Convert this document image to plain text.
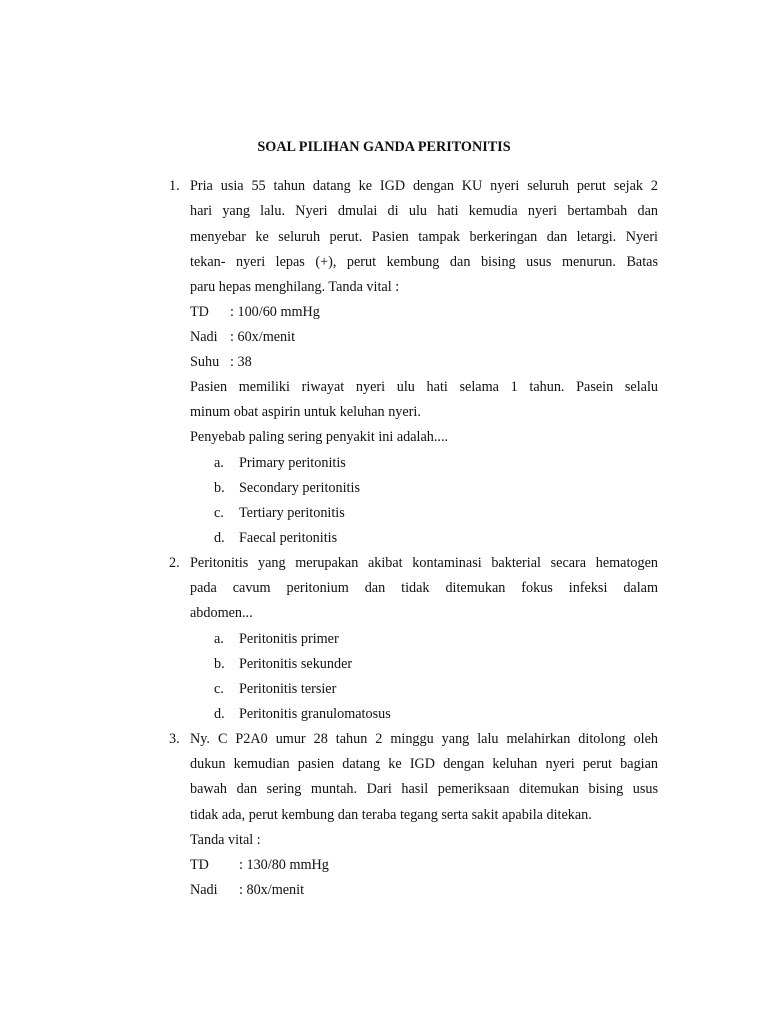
SOAL PILIHAN GANDA PERITONITIS
1. Pria usia 55 tahun datang ke IGD dengan KU nyeri seluruh perut sejak 2
hari yang lalu. Nyeri dmulai di ulu hati kemudia nyeri bertambah dan
menyebar ke seluruh perut. Pasien tampak berkeringan dan letargi. Nyeri
tekan- nyeri lepas (+), perut kembung dan bising usus menurun. Batas
paru hepas menghilang. Tanda vital :
TD : 100/60 mmHg
Nadi : 60x/menit
Suhu : 38
Pasien memiliki riwayat nyeri ulu hati selama 1 tahun. Pasein selalu
minum obat aspirin untuk keluhan nyeri.
Penyebab paling sering penyakit ini adalah....
a. Primary peritonitis
b. Secondary peritonitis
c. Tertiary peritonitis
d. Faecal peritonitis
2. Peritonitis yang merupakan akibat kontaminasi bakterial secara hematogen
pada cavum peritonium dan tidak ditemukan fokus infeksi dalam
abdomen...
a. Peritonitis primer
b. Peritonitis sekunder
c. Peritonitis tersier
d. Peritonitis granulomatosus
3. Ny. C P2A0 umur 28 tahun 2 minggu yang lalu melahirkan ditolong oleh
dukun kemudian pasien datang ke IGD dengan keluhan nyeri perut bagian
bawah dan sering muntah. Dari hasil pemeriksaan ditemukan bising usus
tidak ada, perut kembung dan teraba tegang serta sakit apabila ditekan.
Tanda vital :
TD : 130/80 mmHg
Nadi : 80x/menit
